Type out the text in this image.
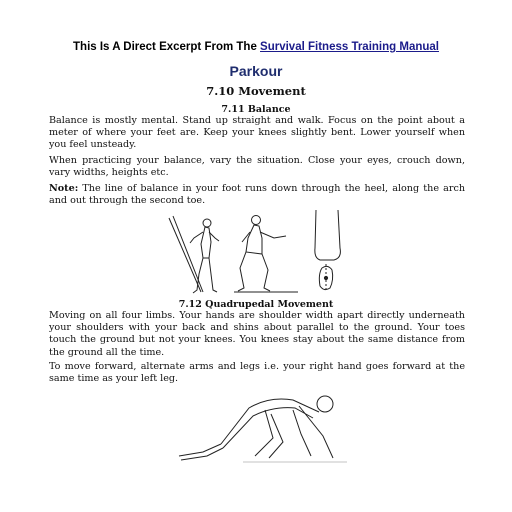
This Is A Direct Excerpt From The Survival Fitness Training Manual
Parkour
7.10 Movement
7.11 Balance

Balance is mostly mental. Stand up straight and walk. Focus on the point about a meter of where your feet are. Keep your knees slightly bent. Lower yourself when you feel unsteady.

When practicing your balance, vary the situation. Close your eyes, crouch down, vary widths, heights etc.

Note: The line of balance in your foot runs down through the heel, along the arch and out through the second toe.

7.12 Quadrupedal Movement

Moving on all four limbs. Your hands are shoulder width apart directly underneath your shoulders with your back and shins about parallel to the ground. Your toes touch the ground but not your knees. You knees stay about the same distance from the ground all the time.

To move forward, alternate arms and legs i.e. your right hand goes forward at the same time as your left leg.
